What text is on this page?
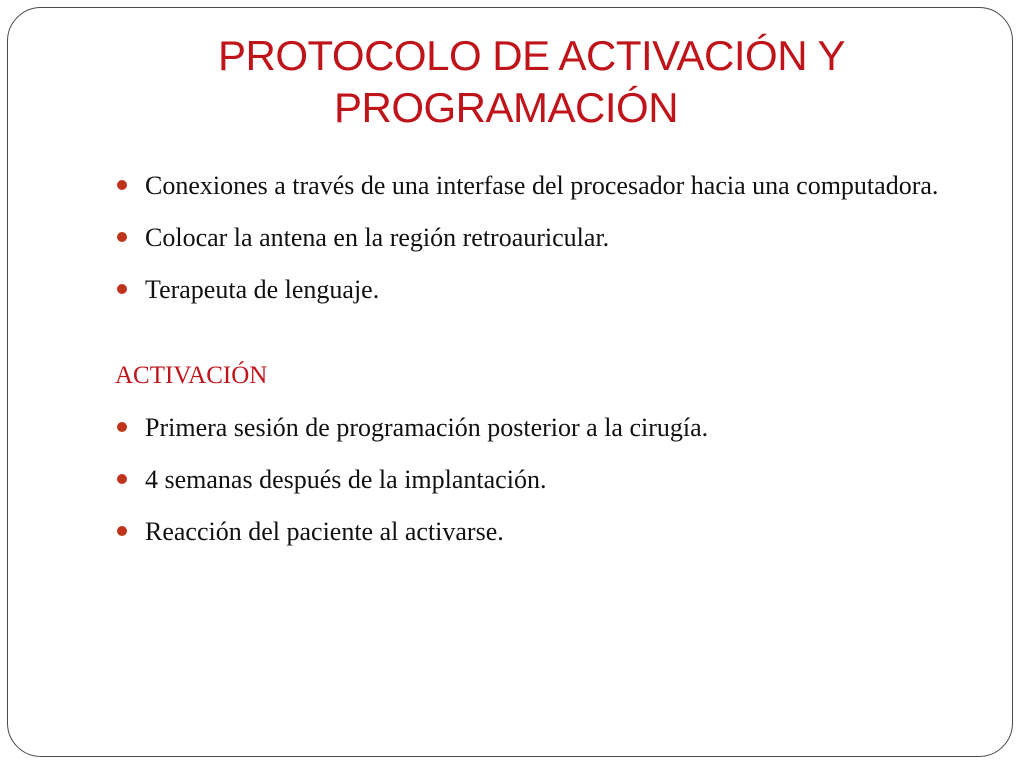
PROTOCOLO DE ACTIVACIÓN Y
PROGRAMACIÓN
Conexiones a través de una interfase del procesador hacia una computadora.
Colocar la antena en la región retroauricular.
Terapeuta de lenguaje.
ACTIVACIÓN
Primera sesión de programación posterior a la cirugía.
4 semanas después de la implantación.
Reacción del paciente al activarse.
